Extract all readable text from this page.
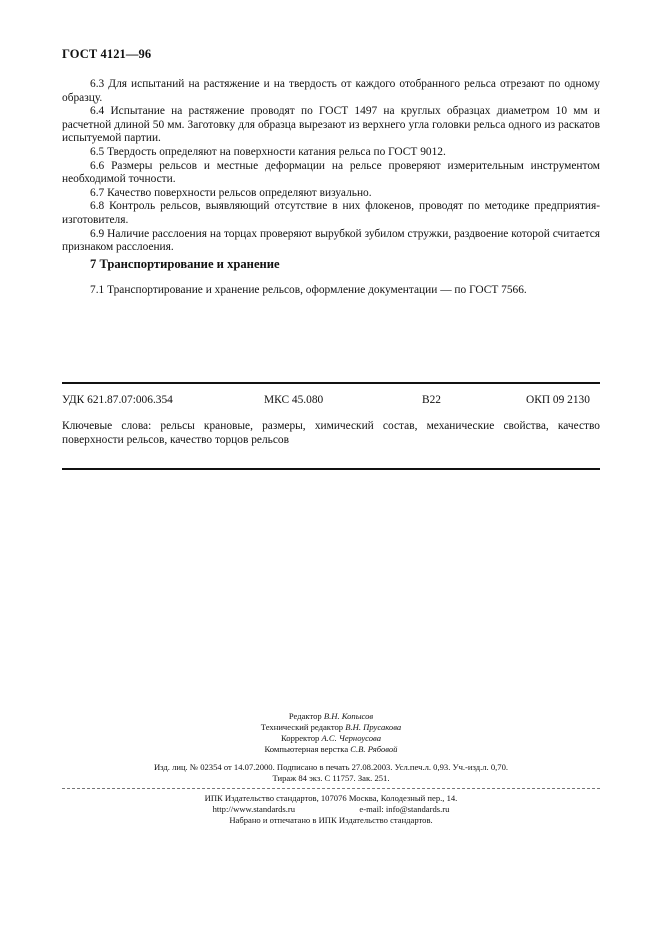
ГОСТ 4121—96

6.3 Для испытаний на растяжение и на твердость от каждого отобранного рельса отрезают по одному образцу.

6.4 Испытание на растяжение проводят по ГОСТ 1497 на круглых образцах диаметром 10 мм и расчетной длиной 50 мм. Заготовку для образца вырезают из верхнего угла головки рельса одного из раскатов испытуемой партии.

6.5 Твердость определяют на поверхности катания рельса по ГОСТ 9012.

6.6 Размеры рельсов и местные деформации на рельсе проверяют измерительным инструментом необходимой точности.

6.7 Качество поверхности рельсов определяют визуально.

6.8 Контроль рельсов, выявляющий отсутствие в них флокенов, проводят по методике предприятия-изготовителя.

6.9 Наличие расслоения на торцах проверяют вырубкой зубилом стружки, раздвоение которой считается признаком расслоения.

7 Транспортирование и хранение

7.1 Транспортирование и хранение рельсов, оформление документации — по ГОСТ 7566.

УДК 621.87.07:006.354	МКС 45.080	В22	ОКП 09 2130
Ключевые слова: рельсы крановые, размеры, химический состав, механические свойства, качество поверхности рельсов, качество торцов рельсов
Редактор В.Н. Копысов
Технический редактор В.Н. Прусакова
Корректор А.С. Черноусова
Компьютерная верстка С.В. Рябовой
Изд. лиц. № 02354 от 14.07.2000. Подписано в печать 27.08.2003. Усл.печ.л. 0,93. Уч.-изд.л. 0,70.
Тираж 84 экз. С 11757. Зак. 251.
ИПК Издательство стандартов, 107076 Москва, Колодезный пер., 14.
http://www.standards.ru	e-mail: info@standards.ru
Набрано и отпечатано в ИПК Издательство стандартов.
